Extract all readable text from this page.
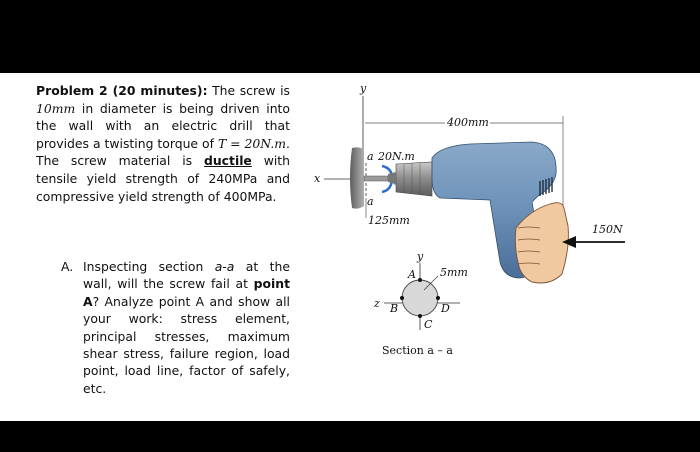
Problem 2 (20 minutes): The screw is 10mm in diameter is being driven into the wall with an electric drill that provides a twisting torque of T = 20N.m. The screw material is ductile with tensile yield strength of 240MPa and compressive yield strength of 400MPa.
A. Inspecting section a-a at the wall, will the screw fail at point A? Analyze point A and show all your work: stress element, principal stresses, maximum shear stress, failure region, load point, load line, factor of safely, etc.
y
x
400mm
a
a
20N.m
150N
125mm
y
z
A
B
C
D
5mm
Section a – a
